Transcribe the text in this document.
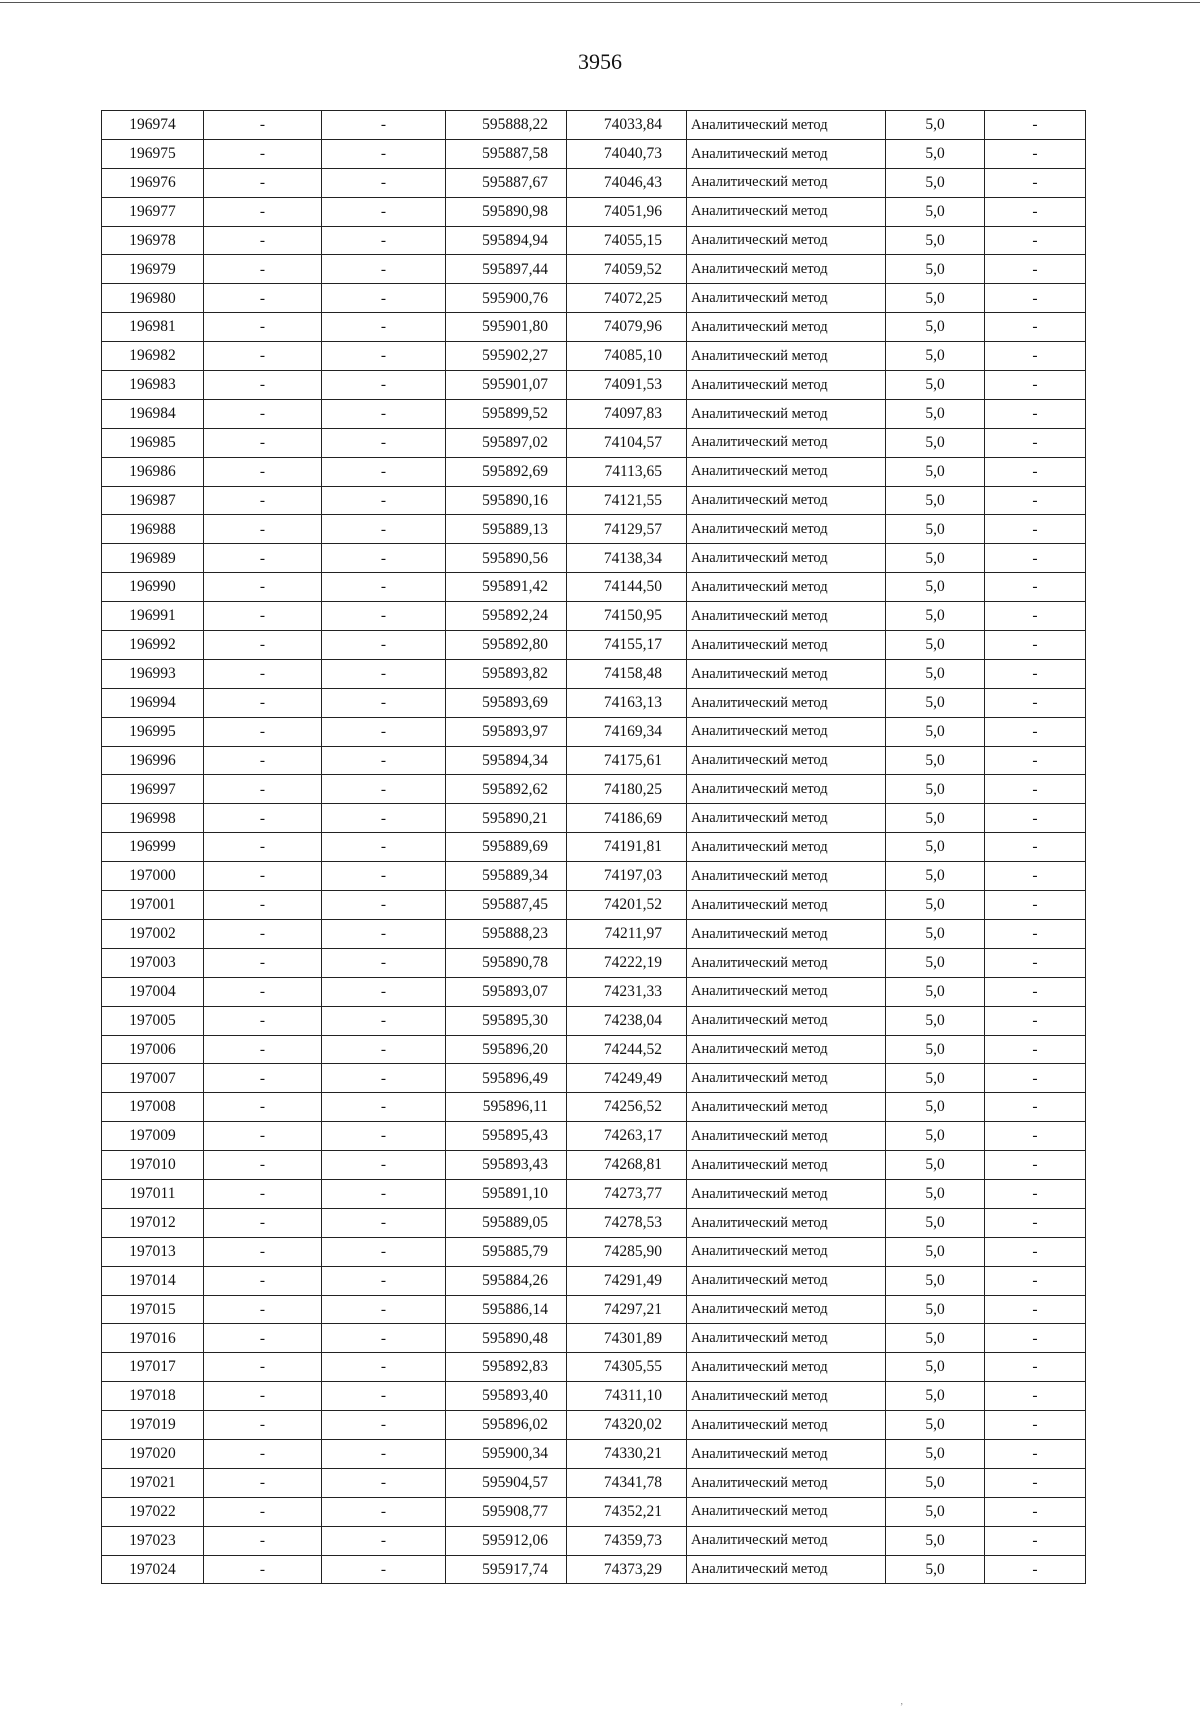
3956
196974	-	-	595888,22	74033,84	Аналитический метод	5,0	-
196975	-	-	595887,58	74040,73	Аналитический метод	5,0	-
196976	-	-	595887,67	74046,43	Аналитический метод	5,0	-
196977	-	-	595890,98	74051,96	Аналитический метод	5,0	-
196978	-	-	595894,94	74055,15	Аналитический метод	5,0	-
196979	-	-	595897,44	74059,52	Аналитический метод	5,0	-
196980	-	-	595900,76	74072,25	Аналитический метод	5,0	-
196981	-	-	595901,80	74079,96	Аналитический метод	5,0	-
196982	-	-	595902,27	74085,10	Аналитический метод	5,0	-
196983	-	-	595901,07	74091,53	Аналитический метод	5,0	-
196984	-	-	595899,52	74097,83	Аналитический метод	5,0	-
196985	-	-	595897,02	74104,57	Аналитический метод	5,0	-
196986	-	-	595892,69	74113,65	Аналитический метод	5,0	-
196987	-	-	595890,16	74121,55	Аналитический метод	5,0	-
196988	-	-	595889,13	74129,57	Аналитический метод	5,0	-
196989	-	-	595890,56	74138,34	Аналитический метод	5,0	-
196990	-	-	595891,42	74144,50	Аналитический метод	5,0	-
196991	-	-	595892,24	74150,95	Аналитический метод	5,0	-
196992	-	-	595892,80	74155,17	Аналитический метод	5,0	-
196993	-	-	595893,82	74158,48	Аналитический метод	5,0	-
196994	-	-	595893,69	74163,13	Аналитический метод	5,0	-
196995	-	-	595893,97	74169,34	Аналитический метод	5,0	-
196996	-	-	595894,34	74175,61	Аналитический метод	5,0	-
196997	-	-	595892,62	74180,25	Аналитический метод	5,0	-
196998	-	-	595890,21	74186,69	Аналитический метод	5,0	-
196999	-	-	595889,69	74191,81	Аналитический метод	5,0	-
197000	-	-	595889,34	74197,03	Аналитический метод	5,0	-
197001	-	-	595887,45	74201,52	Аналитический метод	5,0	-
197002	-	-	595888,23	74211,97	Аналитический метод	5,0	-
197003	-	-	595890,78	74222,19	Аналитический метод	5,0	-
197004	-	-	595893,07	74231,33	Аналитический метод	5,0	-
197005	-	-	595895,30	74238,04	Аналитический метод	5,0	-
197006	-	-	595896,20	74244,52	Аналитический метод	5,0	-
197007	-	-	595896,49	74249,49	Аналитический метод	5,0	-
197008	-	-	595896,11	74256,52	Аналитический метод	5,0	-
197009	-	-	595895,43	74263,17	Аналитический метод	5,0	-
197010	-	-	595893,43	74268,81	Аналитический метод	5,0	-
197011	-	-	595891,10	74273,77	Аналитический метод	5,0	-
197012	-	-	595889,05	74278,53	Аналитический метод	5,0	-
197013	-	-	595885,79	74285,90	Аналитический метод	5,0	-
197014	-	-	595884,26	74291,49	Аналитический метод	5,0	-
197015	-	-	595886,14	74297,21	Аналитический метод	5,0	-
197016	-	-	595890,48	74301,89	Аналитический метод	5,0	-
197017	-	-	595892,83	74305,55	Аналитический метод	5,0	-
197018	-	-	595893,40	74311,10	Аналитический метод	5,0	-
197019	-	-	595896,02	74320,02	Аналитический метод	5,0	-
197020	-	-	595900,34	74330,21	Аналитический метод	5,0	-
197021	-	-	595904,57	74341,78	Аналитический метод	5,0	-
197022	-	-	595908,77	74352,21	Аналитический метод	5,0	-
197023	-	-	595912,06	74359,73	Аналитический метод	5,0	-
197024	-	-	595917,74	74373,29	Аналитический метод	5,0	-
ʼ
